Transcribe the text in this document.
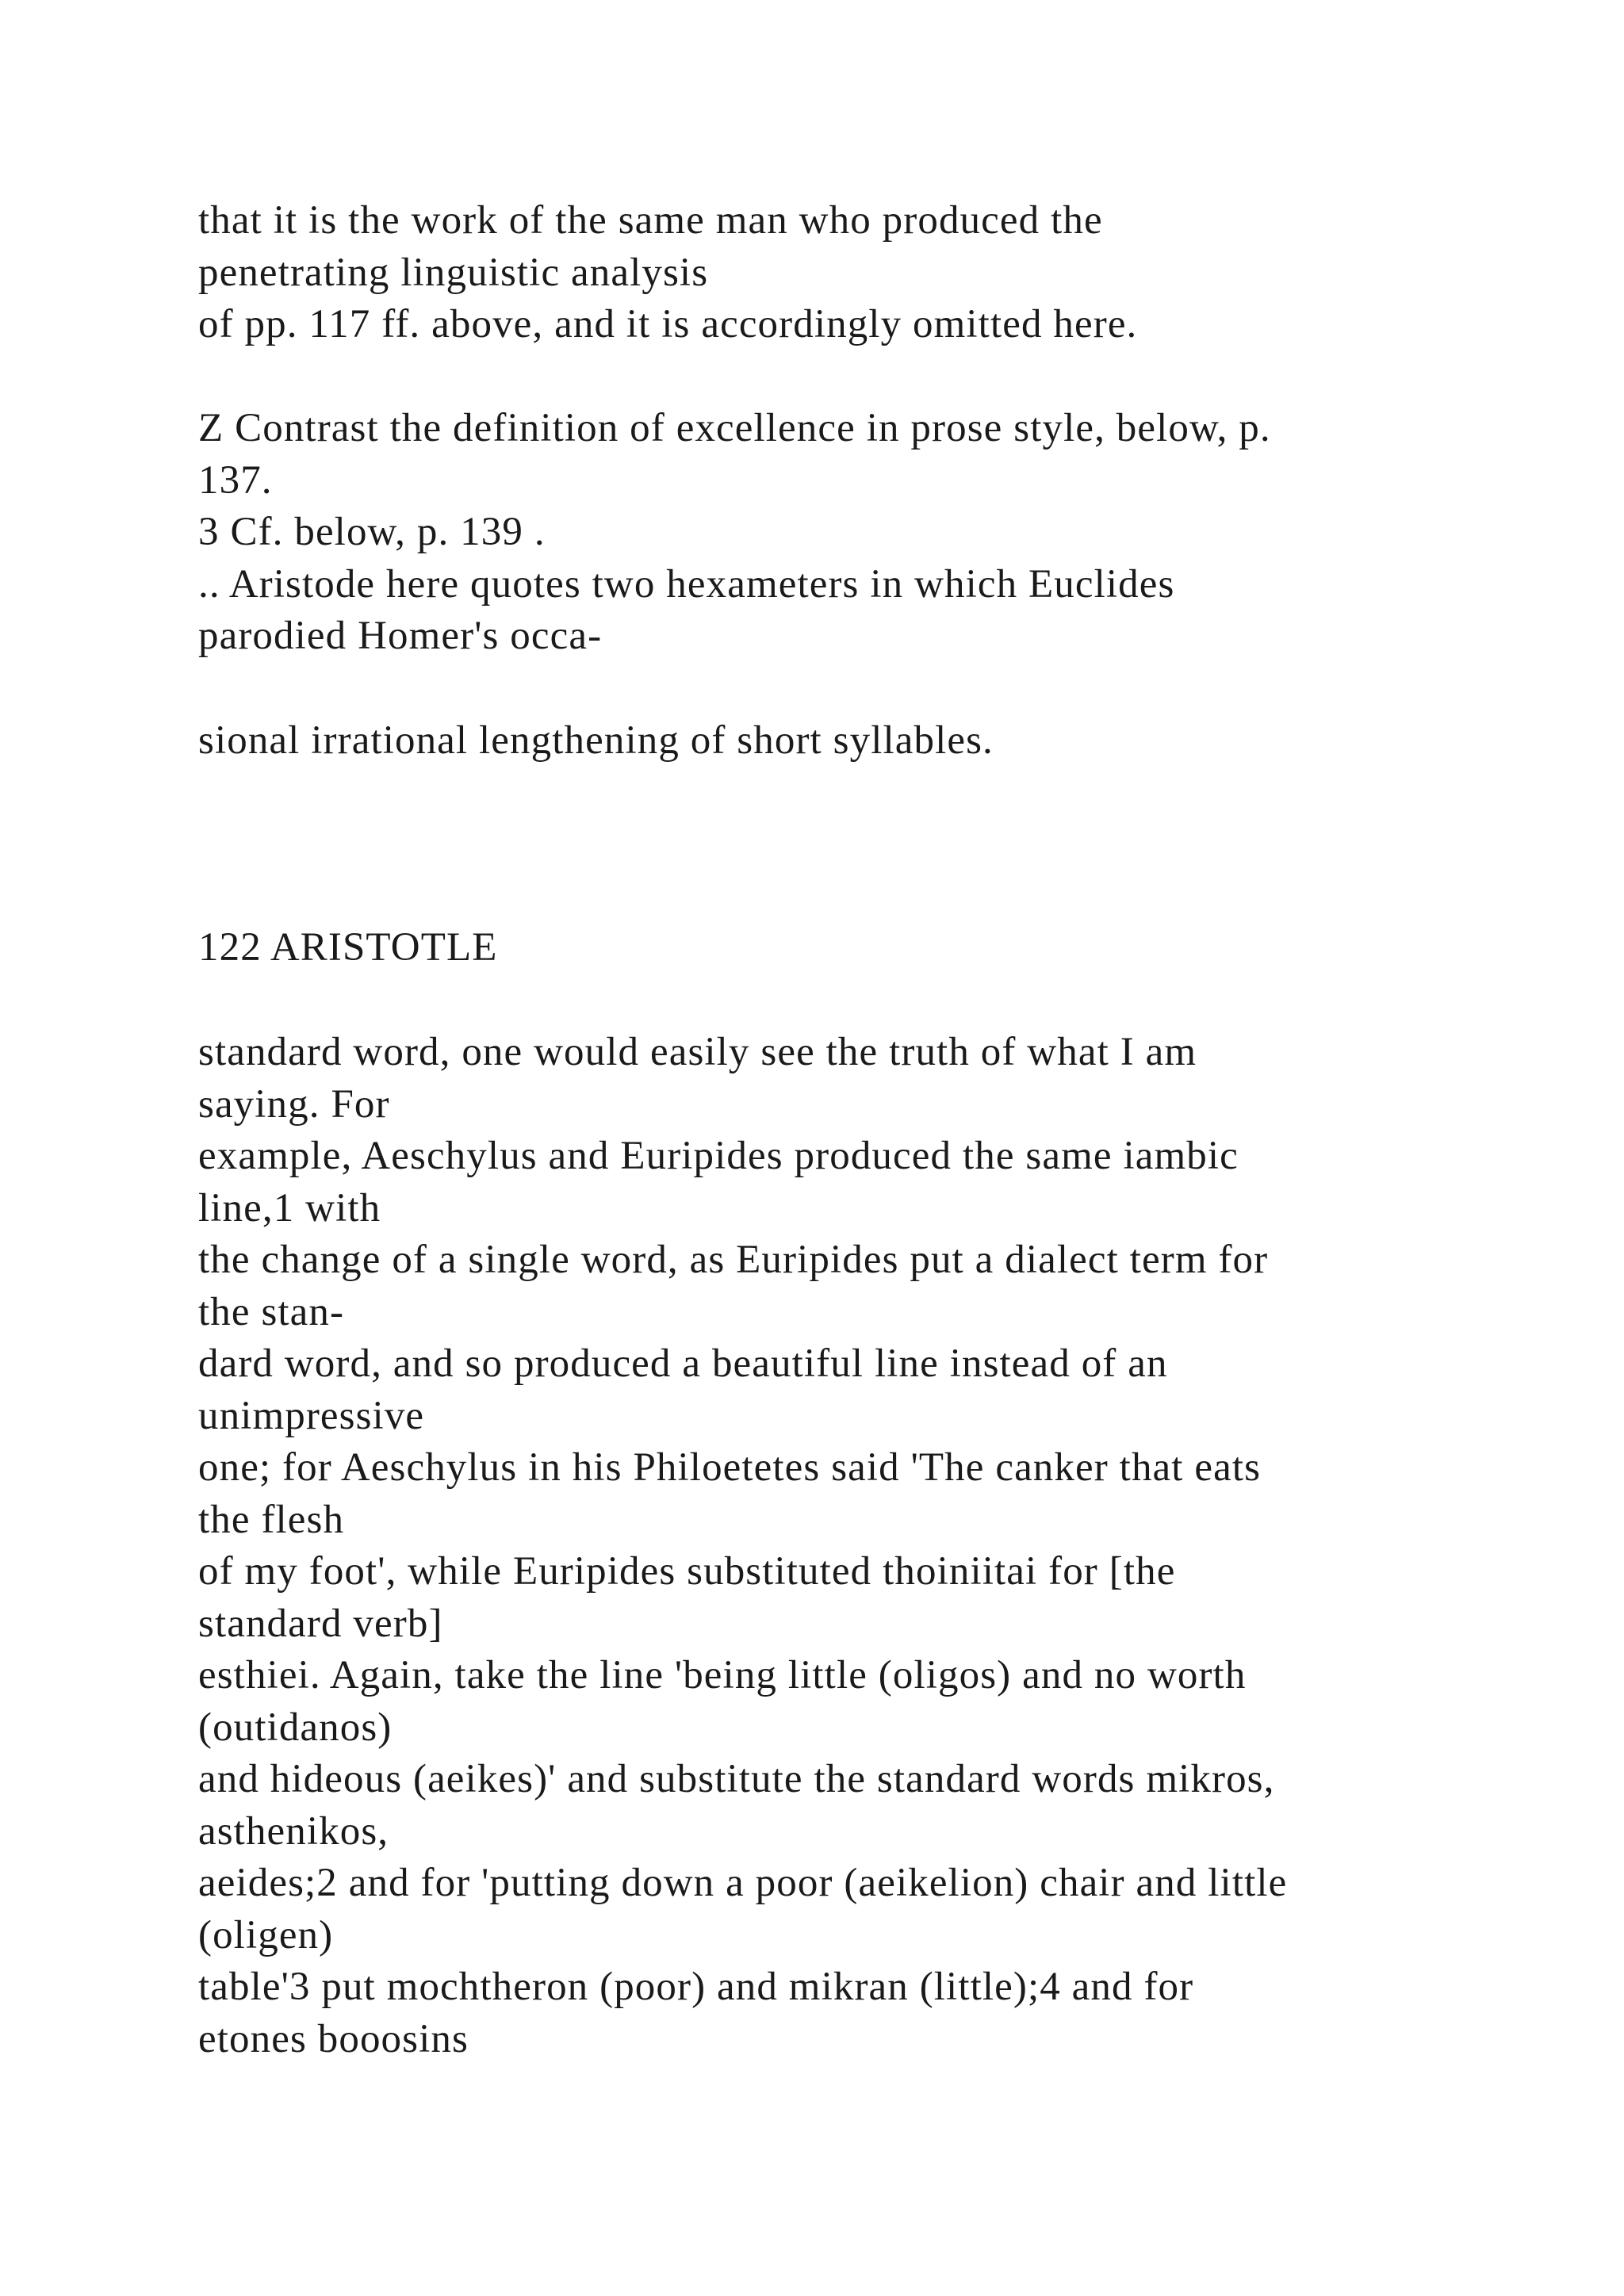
that it is the work of the same man who produced the
penetrating linguistic analysis
of pp. 117 ff. above, and it is accordingly omitted here.
Z Contrast the definition of excellence in prose style, below, p.
137.
3 Cf. below, p. 139 .
.. Aristode here quotes two hexameters in which Euclides
parodied Homer's occa-
sional irrational lengthening of short syllables.
122 ARISTOTLE
standard word, one would easily see the truth of what I am
saying. For
example, Aeschylus and Euripides produced the same iambic
line,1 with
the change of a single word, as Euripides put a dialect term for
the stan-
dard word, and so produced a beautiful line instead of an
unimpressive
one; for Aeschylus in his Philoetetes said 'The canker that eats
the flesh
of my foot', while Euripides substituted thoiniitai for [the
standard verb]
esthiei. Again, take the line 'being little (oligos) and no worth
(outidanos)
and hideous (aeikes)' and substitute the standard words mikros,
asthenikos,
aeides;2 and for 'putting down a poor (aeikelion) chair and little
(oligen)
table'3 put mochtheron (poor) and mikran (little);4 and for
etones booosins
